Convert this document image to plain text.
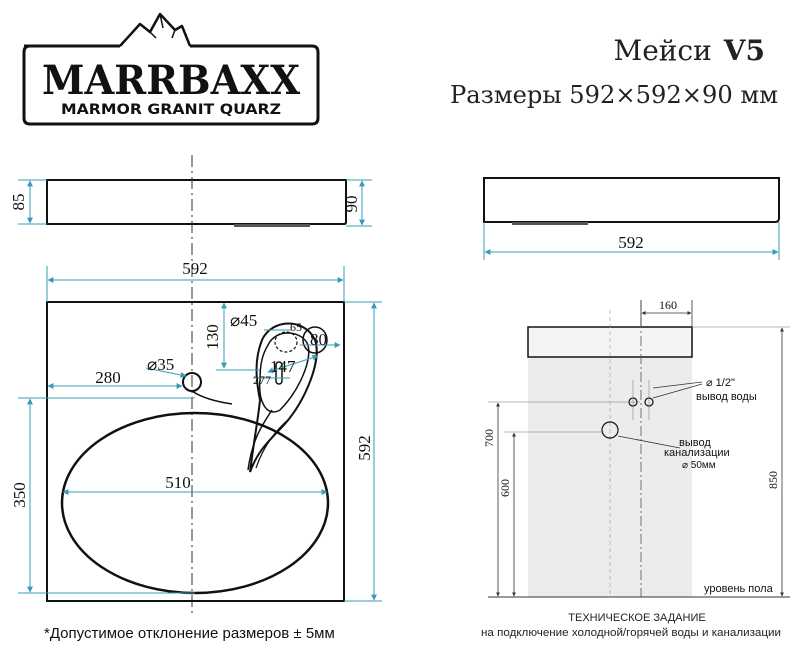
MARRBAXX
MARMOR GRANIT QUARZ
Мейси V5
Размеры 592×592×90 мм
85	90
592
592
130
⌀45	65
80
147
277
⌀35
280
510
350
592
160
⌀ 1/2"
вывод воды
вывод
канализации
⌀ 50мм
700
600	850
уровень пола
ТЕХНИЧЕСКОЕ ЗАДАНИЕ
на подключение холодной/горячей воды и канализации
*Допустимое отклонение размеров ± 5мм
